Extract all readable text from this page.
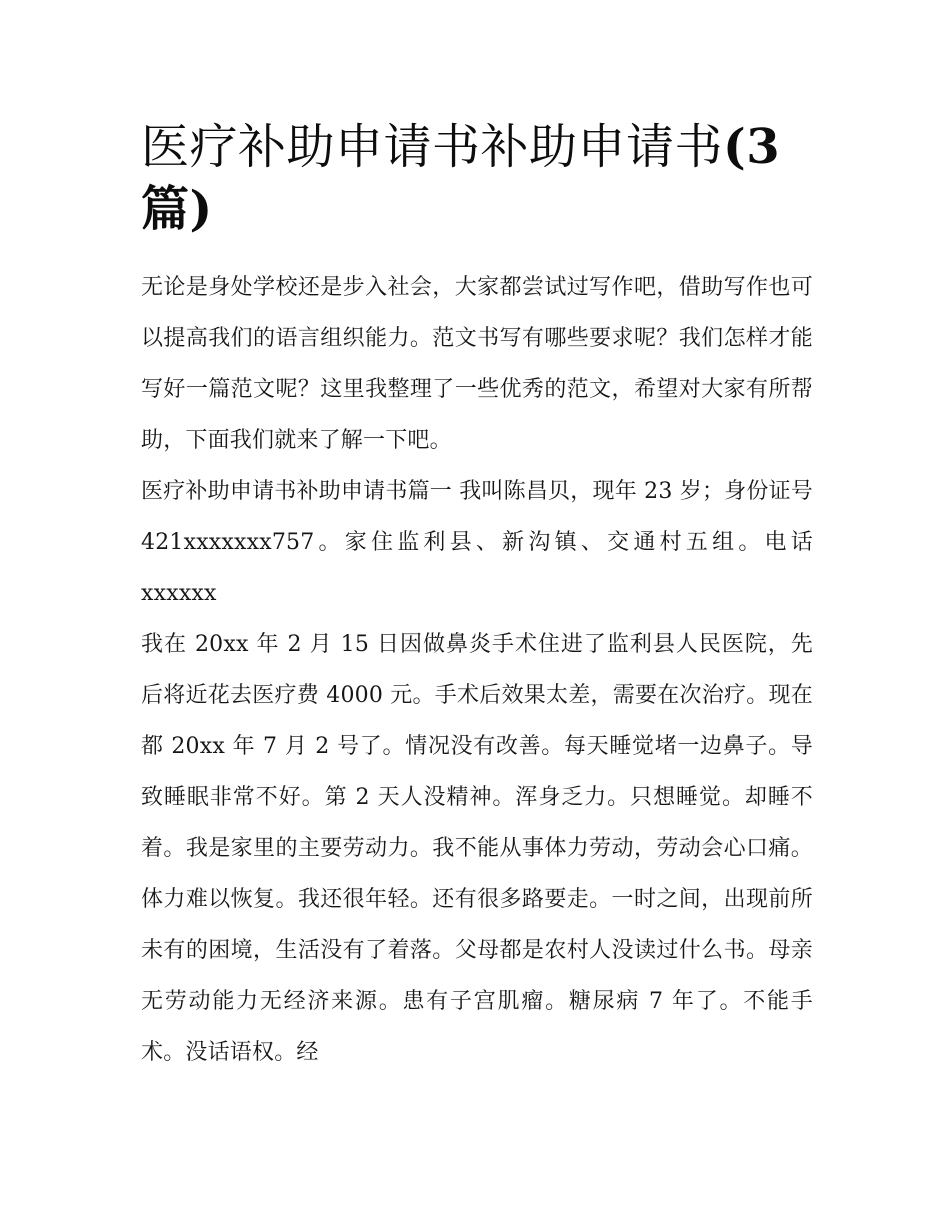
医疗补助申请书补助申请书(3篇)

无论是身处学校还是步入社会，大家都尝试过写作吧，借助写作也可以提高我们的语言组织能力。范文书写有哪些要求呢？我们怎样才能写好一篇范文呢？这里我整理了一些优秀的范文，希望对大家有所帮助，下面我们就来了解一下吧。

医疗补助申请书补助申请书篇一 我叫陈昌贝，现年 23 岁；身份证号 421xxxxxxx757。家住监利县、新沟镇、交通村五组。电话 xxxxxx

我在 20xx 年 2 月 15 日因做鼻炎手术住进了监利县人民医院，先后将近花去医疗费 4000 元。手术后效果太差，需要在次治疗。现在都 20xx 年 7 月 2 号了。情况没有改善。每天睡觉堵一边鼻子。导致睡眠非常不好。第 2 天人没精神。浑身乏力。只想睡觉。却睡不着。我是家里的主要劳动力。我不能从事体力劳动，劳动会心口痛。体力难以恢复。我还很年轻。还有很多路要走。一时之间，出现前所未有的困境，生活没有了着落。父母都是农村人没读过什么书。母亲无劳动能力无经济来源。患有子宫肌瘤。糖尿病 7 年了。不能手术。没话语权。经
